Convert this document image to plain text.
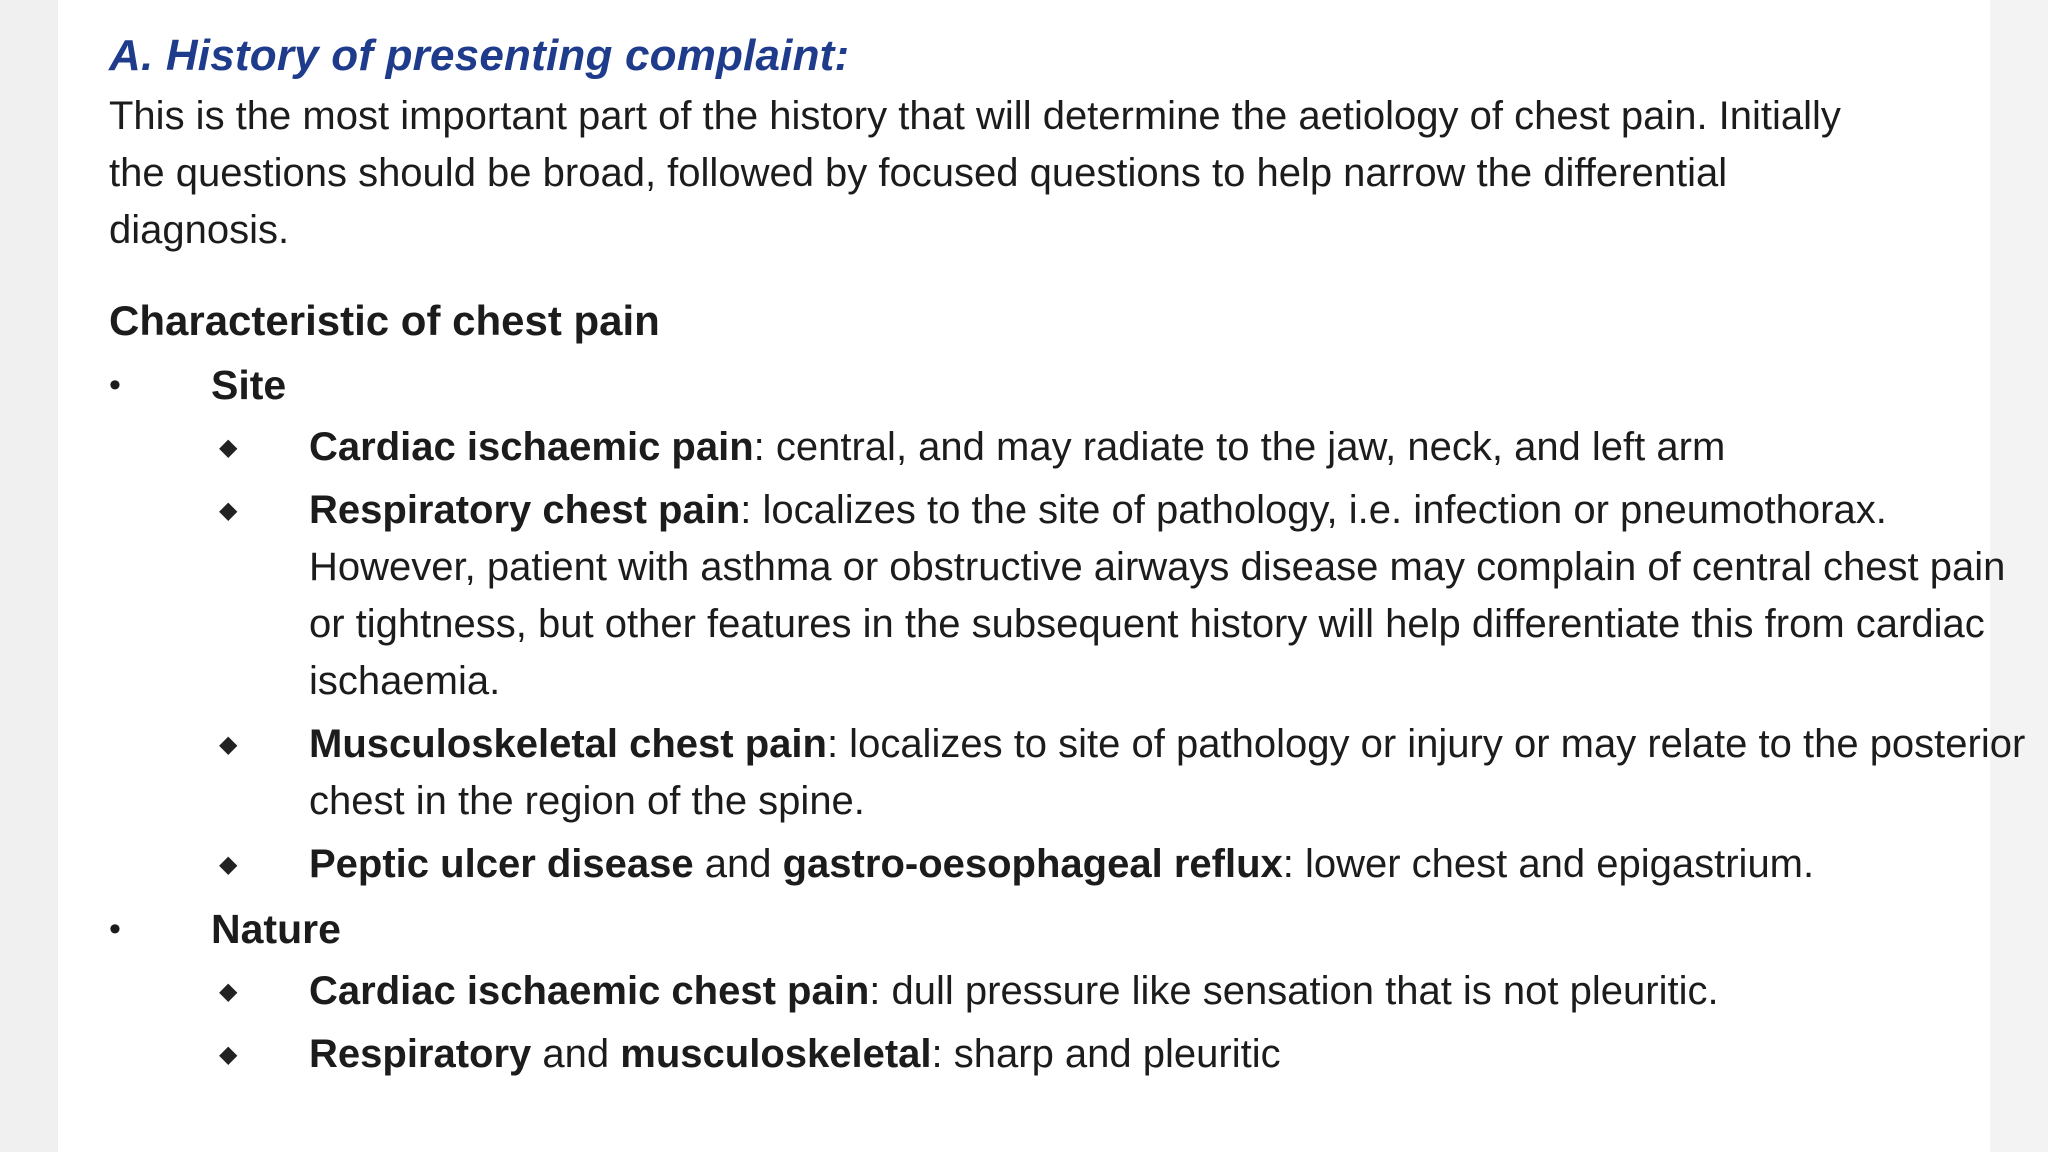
A. History of presenting complaint:

This is the most important part of the history that will determine the aetiology of chest pain. Initially the questions should be broad, followed by focused questions to help narrow the differential diagnosis.

Characteristic of chest pain
• Site
◆ Cardiac ischaemic pain: central, and may radiate to the jaw, neck, and left arm
◆ Respiratory chest pain: localizes to the site of pathology, i.e. infection or pneumothorax. However, patient with asthma or obstructive airways disease may complain of central chest pain or tightness, but other features in the subsequent history will help differentiate this from cardiac ischaemia.
◆ Musculoskeletal chest pain: localizes to site of pathology or injury or may relate to the posterior chest in the region of the spine.
◆ Peptic ulcer disease and gastro-oesophageal reflux: lower chest and epigastrium.
• Nature
◆ Cardiac ischaemic chest pain: dull pressure like sensation that is not pleuritic.
◆ Respiratory and musculoskeletal: sharp and pleuritic
